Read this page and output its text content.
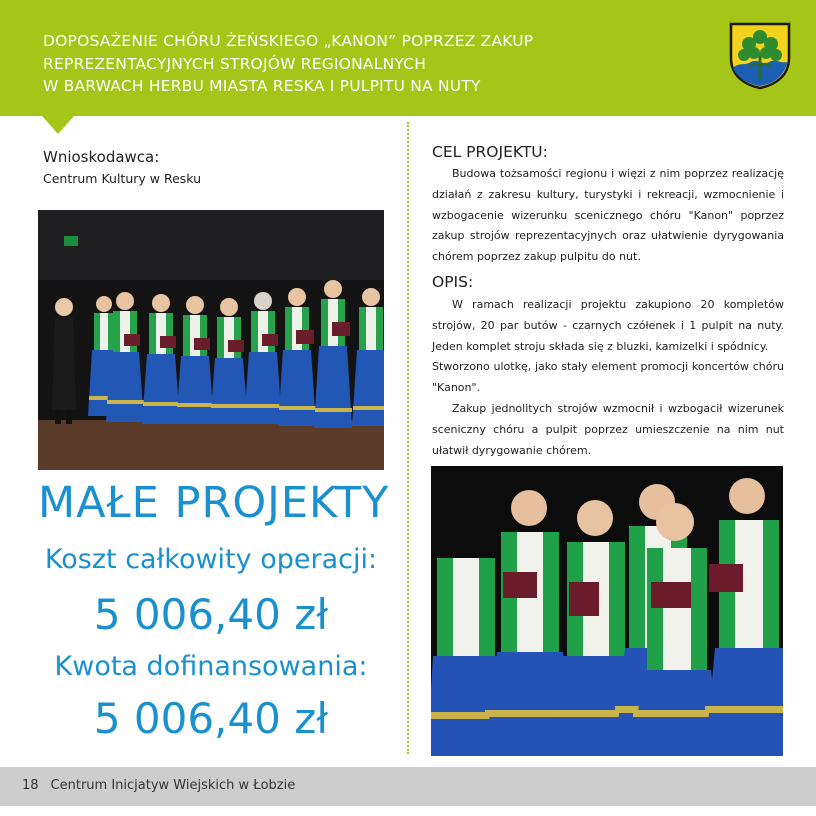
DOPOSAŻENIE CHÓRU ŻEŃSKIEGO „KANON” POPRZEZ ZAKUP
REPREZENTACYJNYCH STROJÓW REGIONALNYCH
W BARWACH HERBU MIASTA RESKA I PULPITU NA NUTY
Wnioskodawca:
Centrum Kultury w Resku
MAŁE PROJEKTY
Koszt całkowity operacji:
5 006,40 zł
Kwota dofinansowania:
5 006,40 zł
CEL PROJEKTU:

Budowa tożsamości regionu i więzi z nim poprzez realizację działań z zakresu kultury, turystyki i rekreacji, wzmocnienie i wzbogacenie wizerunku scenicznego chóru "Kanon" poprzez zakup strojów reprezentacyjnych oraz ułatwienie dyrygowania chórem poprzez zakup pulpitu do nut.

OPIS:

W ramach realizacji projektu zakupiono 20 kompletów strojów, 20 par butów - czarnych czółenek i 1 pulpit na nuty. Jeden komplet stroju składa się z bluzki, kamizelki i spódnicy.

Stworzono ulotkę, jako stały element promocji koncertów chóru "Kanon".

Zakup jednolitych strojów wzmocnił i wzbogacił wizerunek sceniczny chóru a pulpit poprzez umieszczenie na nim nut ułatwił dyrygowanie chórem.

18 Centrum Inicjatyw Wiejskich w Łobzie
